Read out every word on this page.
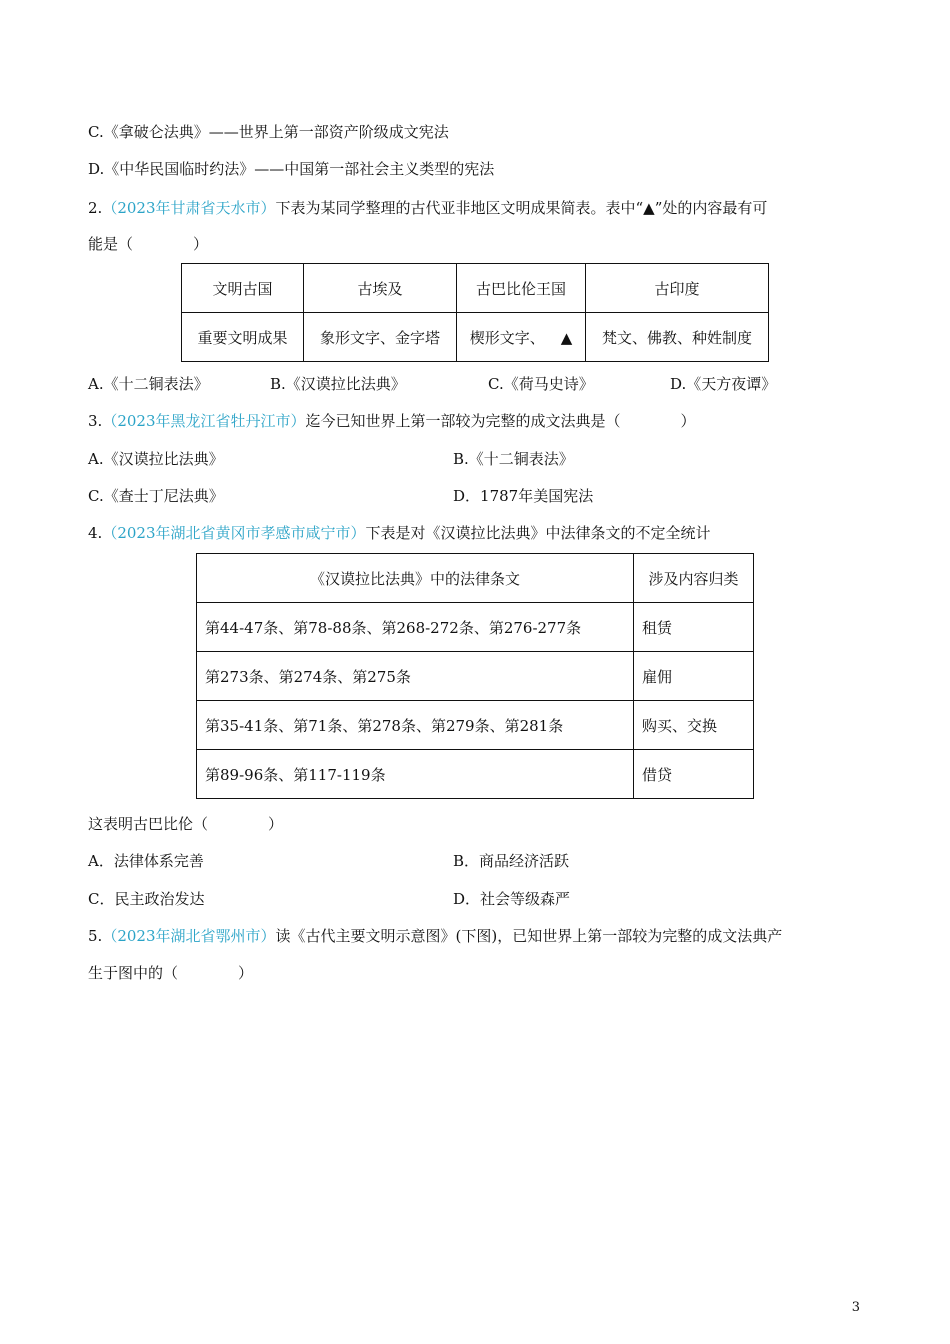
C.《拿破仑法典》——世界上第一部资产阶级成文宪法
D.《中华民国临时约法》——中国第一部社会主义类型的宪法
2.（2023年甘肃省天水市）下表为某同学整理的古代亚非地区文明成果简表。表中“▲”处的内容最有可
能是（　　　　）
文明古国	古埃及	古巴比伦王国	古印度
重要文明成果	象形文字、金字塔	楔形文字、 ▲	梵文、佛教、种姓制度
A.《十二铜表法》	B.《汉谟拉比法典》	C.《荷马史诗》	D.《天方夜谭》
3.（2023年黑龙江省牡丹江市）迄今已知世界上第一部较为完整的成文法典是（　　　　）
A.《汉谟拉比法典》	B.《十二铜表法》
C.《查士丁尼法典》	D．1787年美国宪法
4.（2023年湖北省黄冈市孝感市咸宁市）下表是对《汉谟拉比法典》中法律条文的不定全统计
《汉谟拉比法典》中的法律条文	涉及内容归类
第44-47条、第78-88条、第268-272条、第276-277条	租赁
第273条、第274条、第275条	雇佣
第35-41条、第71条、第278条、第279条、第281条	购买、交换
第89-96条、第117-119条	借贷
这表明古巴比伦（　　　　）
A．法律体系完善	B．商品经济活跃
C．民主政治发达	D．社会等级森严
5.（2023年湖北省鄂州市）读《古代主要文明示意图》(下图)，已知世界上第一部较为完整的成文法典产
生于图中的（　　　　）
3
